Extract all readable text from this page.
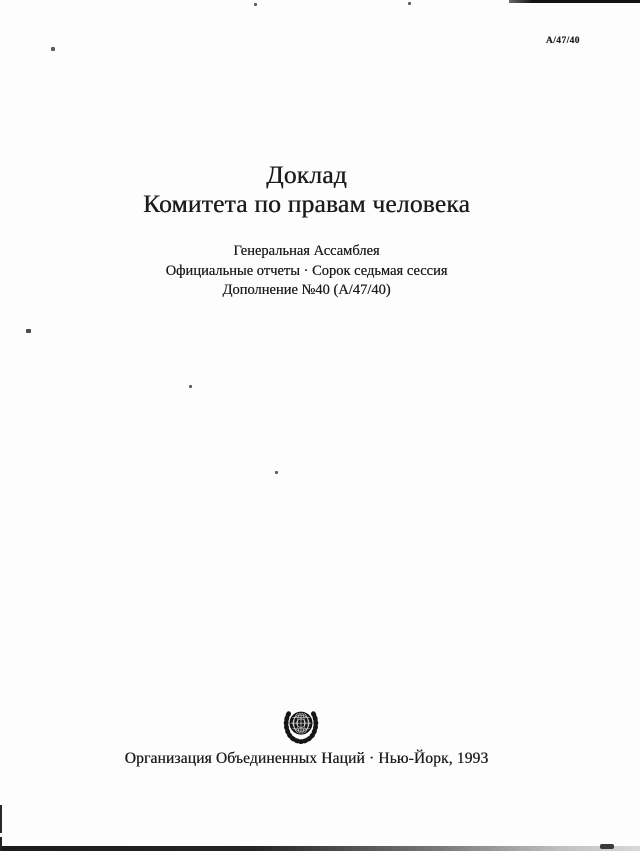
A/47/40
Доклад
Комитета по правам человека
Генеральная Ассамблея
Официальные отчеты · Сорок седьмая сессия
Дополнение №40 (A/47/40)
Организация Объединенных Наций · Нью-Йорк, 1993
